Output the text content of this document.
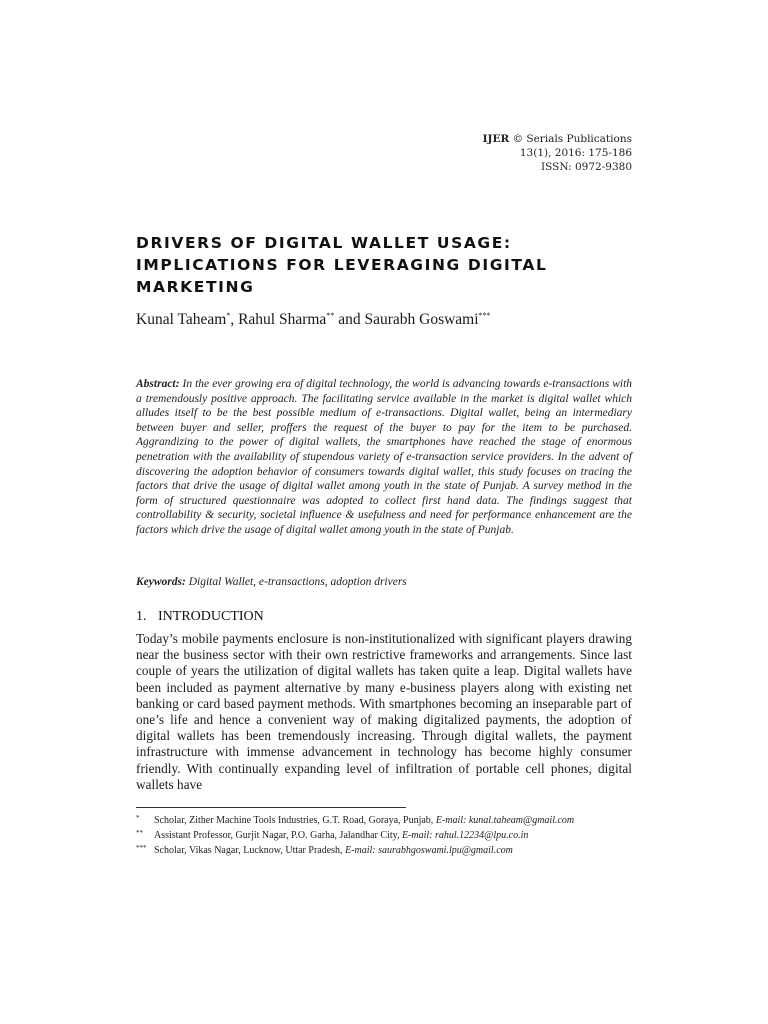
IJER © Serials Publications
13(1), 2016: 175-186
ISSN: 0972-9380
DRIVERS OF DIGITAL WALLET USAGE:
IMPLICATIONS FOR LEVERAGING DIGITAL
MARKETING
Kunal Taheam*, Rahul Sharma** and Saurabh Goswami***

Abstract: In the ever growing era of digital technology, the world is advancing towards e-transactions with a tremendously positive approach. The facilitating service available in the market is digital wallet which alludes itself to be the best possible medium of e-transactions. Digital wallet, being an intermediary between buyer and seller, proffers the request of the buyer to pay for the item to be purchased. Aggrandizing to the power of digital wallets, the smartphones have reached the stage of enormous penetration with the availability of stupendous variety of e-transaction service providers. In the advent of discovering the adoption behavior of consumers towards digital wallet, this study focuses on tracing the factors that drive the usage of digital wallet among youth in the state of Punjab. A survey method in the form of structured questionnaire was adopted to collect first hand data. The findings suggest that controllability & security, societal influence & usefulness and need for performance enhancement are the factors which drive the usage of digital wallet among youth in the state of Punjab.

Keywords: Digital Wallet, e-transactions, adoption drivers
1. INTRODUCTION

Today’s mobile payments enclosure is non-institutionalized with significant players drawing near the business sector with their own restrictive frameworks and arrangements. Since last couple of years the utilization of digital wallets has taken quite a leap. Digital wallets have been included as payment alternative by many e-business players along with existing net banking or card based payment methods. With smartphones becoming an inseparable part of one’s life and hence a convenient way of making digitalized payments, the adoption of digital wallets has been tremendously increasing. Through digital wallets, the payment infrastructure with immense advancement in technology has become highly consumer friendly. With continually expanding level of infiltration of portable cell phones, digital wallets have

* Scholar, Zither Machine Tools Industries, G.T. Road, Goraya, Punjab, E-mail: kunal.taheam@gmail.com
** Assistant Professor, Gurjit Nagar, P.O. Garha, Jalandhar City, E-mail: rahul.12234@lpu.co.in
*** Scholar, Vikas Nagar, Lucknow, Uttar Pradesh, E-mail: saurabhgoswami.lpu@gmail.com
